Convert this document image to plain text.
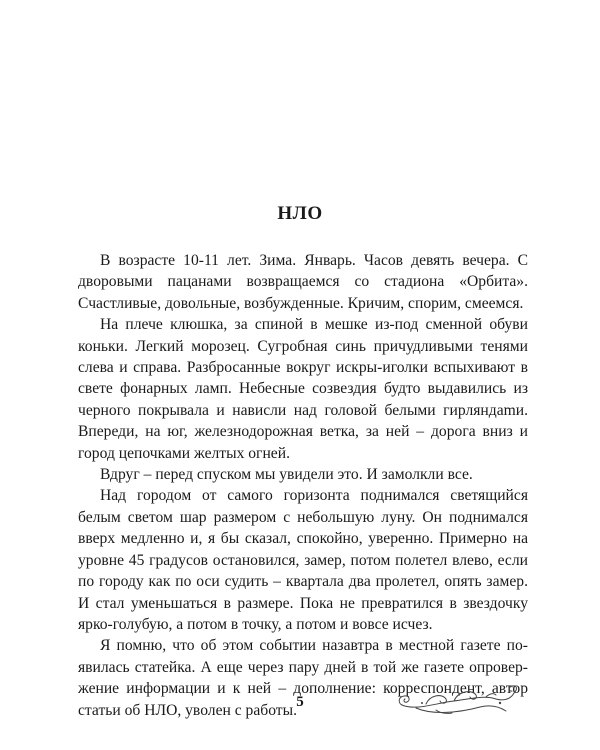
НЛО

В возрасте 10-11 лет. Зима. Январь. Часов девять вечера. С дворовыми пацанами возвращаемся со стадиона «Орбита». Счастливые, довольные, возбужденные. Кричим, спорим, смеемся.

На плече клюшка, за спиной в мешке из-под сменной обуви коньки. Легкий морозец. Сугробная синь причудливыми тенями слева и справа. Разбросанные вокруг искры-иголки вспыхивают в свете фонарных ламп. Небесные созвездия будто выдавились из черного покрывала и нависли над головой белыми гирляндаmи. Впереди, на юг, железнодорожная ветка, за ней – дорога вниз и город цепочками желтых огней.

Вдруг – перед спуском мы увидели это. И замолкли все.

Над городом от самого горизонта поднимался светящийся белым светом шар размером с небольшую луну. Он поднимался вверх медленно и, я бы сказал, спокойно, уверенно. Примерно на уровне 45 градусов остановился, замер, потом полетел влево, если по городу как по оси судить – квартала два пролетел, опять замер. И стал уменьшаться в размере. Пока не превратился в звездочку ярко-голубую, а потом в точку, а потом и вовсе исчез.

Я помню, что об этом событии назавтра в местной газете появилась статейка. А еще через пару дней в той же газете опровержение информации и к ней – дополнение: корреспондент, автор статьи об НЛО, уволен с работы. 5
